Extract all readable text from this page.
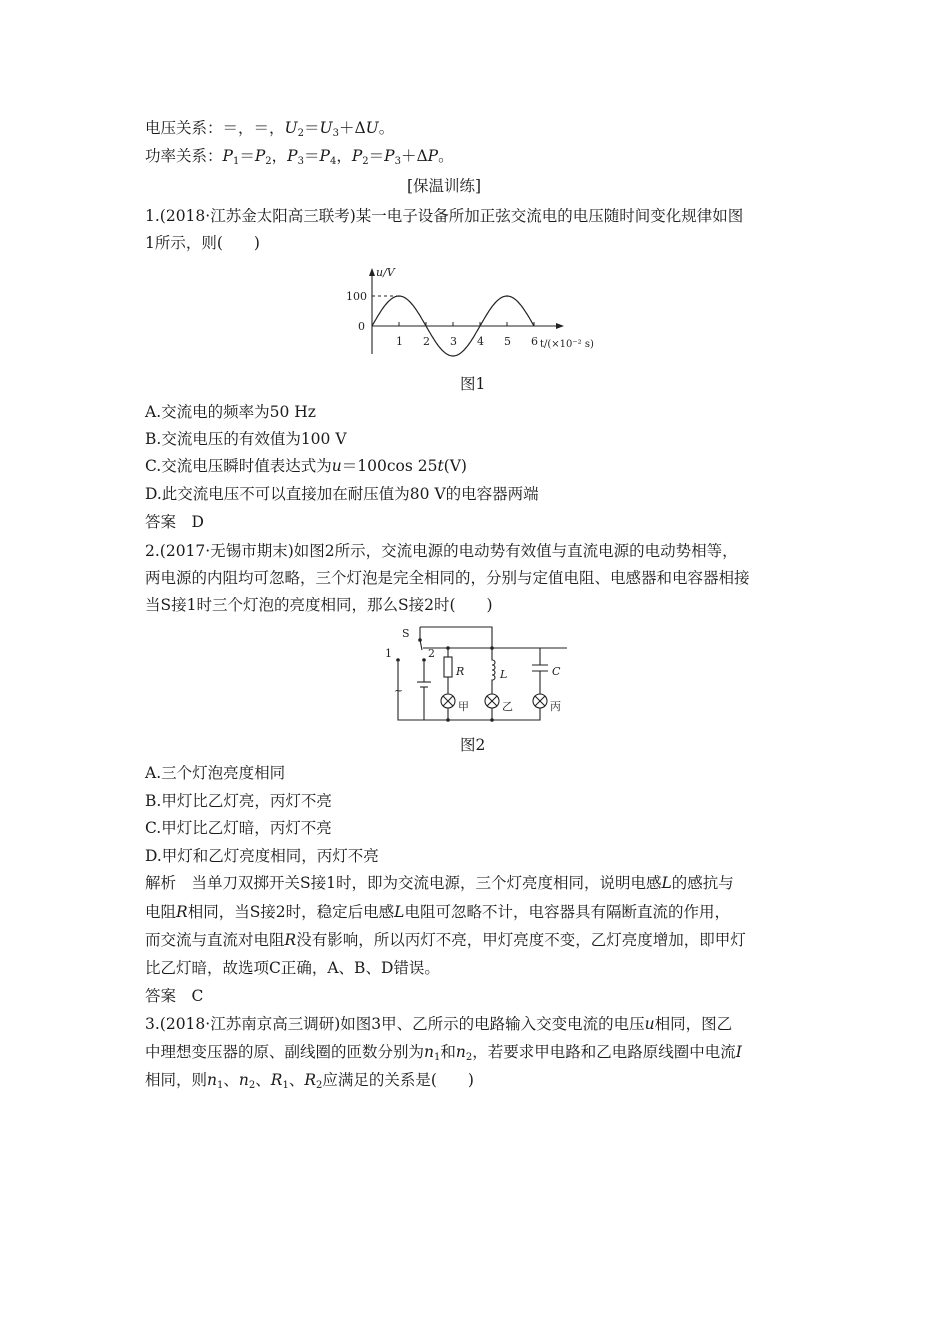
电压关系：＝，＝，$U_2=U_3+\Delta U$。
功率关系：$P_1=P_2$，$P_3=P_4$，$P_2=P_3+\Delta P$。
[保温训练]
1.(2018·江苏金太阳高三联考)某一电子设备所加正弦交流电的电压随时间变化规律如图
1所示，则(　　)
u/V
t/(×10⁻² s)
100
0
1 2 3 4 5 6
图1
A.交流电的频率为50 Hz
B.交流电压的有效值为100 V
C.交流电压瞬时值表达式为u＝100cos 25t(V)
D.此交流电压不可以直接加在耐压值为80 V的电容器两端
答案　D
2.(2017·无锡市期末)如图2所示，交流电源的电动势有效值与直流电源的电动势相等，
两电源的内阻均可忽略，三个灯泡是完全相同的，分别与定值电阻、电感器和电容器相接
当S接1时三个灯泡的亮度相同，那么S接2时(　　)
S
1	2
~
R	L	C
甲	乙	丙
图2
A.三个灯泡亮度相同
B.甲灯比乙灯亮，丙灯不亮
C.甲灯比乙灯暗，丙灯不亮
D.甲灯和乙灯亮度相同，丙灯不亮
解析　当单刀双掷开关S接1时，即为交流电源，三个灯亮度相同，说明电感L的感抗与
电阻R相同，当S接2时，稳定后电感L电阻可忽略不计，电容器具有隔断直流的作用，
而交流与直流对电阻R没有影响，所以丙灯不亮，甲灯亮度不变，乙灯亮度增加，即甲灯
比乙灯暗，故选项C正确，A、B、D错误。
答案　C
3.(2018·江苏南京高三调研)如图3甲、乙所示的电路输入交变电流的电压u相同，图乙
中理想变压器的原、副线圈的匝数分别为$n_1$和$n_2$，若要求甲电路和乙电路原线圈中电流I
相同，则$n_1$、$n_2$、$R_1$、$R_2$应满足的关系是(　　)
